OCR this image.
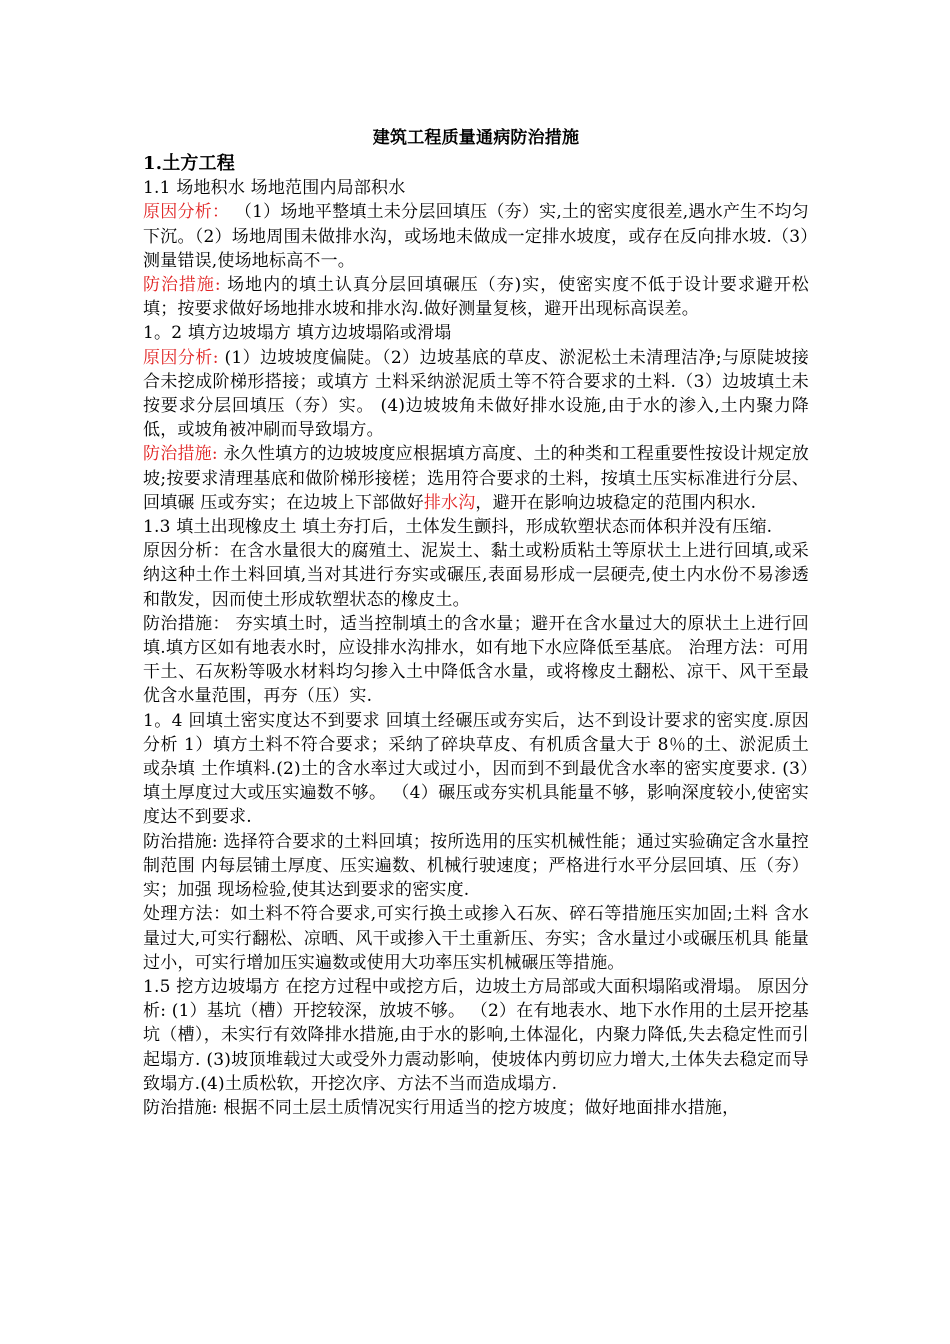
建筑工程质量通病防治措施

1.土方工程

1.1 场地积水 场地范围内局部积水

原因分析： （1）场地平整填土未分层回填压（夯）实,土的密实度很差,遇水产生不均匀下沉。（2）场地周围未做排水沟，或场地未做成一定排水坡度，或存在反向排水坡.（3）测量错误,使场地标高不一。

防治措施: 场地内的填土认真分层回填碾压（夯)实，使密实度不低于设计要求避开松填；按要求做好场地排水坡和排水沟.做好测量复核，避开出现标高误差。

1。2 填方边坡塌方 填方边坡塌陷或滑塌

原因分析: (1）边坡坡度偏陡。（2）边坡基底的草皮、淤泥松土未清理洁净;与原陡坡接合未挖成阶梯形搭接；或填方 土料采纳淤泥质土等不符合要求的土料.（3）边坡填土未按要求分层回填压（夯）实。 (4)边坡坡角未做好排水设施,由于水的渗入,土内聚力降低，或坡角被冲刷而导致塌方。

防治措施: 永久性填方的边坡坡度应根据填方高度、土的种类和工程重要性按设计规定放坡;按要求清理基底和做阶梯形接槎；选用符合要求的土料，按填土压实标准进行分层、回填碾 压或夯实；在边坡上下部做好排水沟，避开在影响边坡稳定的范围内积水.

1.3 填土出现橡皮土 填土夯打后，土体发生颤抖，形成软塑状态而体积并没有压缩.

原因分析：在含水量很大的腐殖土、泥炭土、黏土或粉质粘土等原状土上进行回填,或采纳这种土作土料回填,当对其进行夯实或碾压,表面易形成一层硬壳,使土内水份不易渗透和散发，因而使土形成软塑状态的橡皮土。

防治措施： 夯实填土时，适当控制填土的含水量；避开在含水量过大的原状土上进行回填.填方区如有地表水时，应设排水沟排水，如有地下水应降低至基底。 治理方法：可用干土、石灰粉等吸水材料均匀掺入土中降低含水量，或将橡皮土翻松、凉干、风干至最优含水量范围，再夯（压）实.

1。4 回填土密实度达不到要求 回填土经碾压或夯实后，达不到设计要求的密实度.原因分析 1）填方土料不符合要求；采纳了碎块草皮、有机质含量大于 8％的土、淤泥质土或杂填 土作填料.(2)土的含水率过大或过小，因而到不到最优含水率的密实度要求. (3）填土厚度过大或压实遍数不够。 （4）碾压或夯实机具能量不够，影响深度较小,使密实度达不到要求.

防治措施: 选择符合要求的土料回填；按所选用的压实机械性能；通过实验确定含水量控制范围 内每层铺土厚度、压实遍数、机械行驶速度；严格进行水平分层回填、压（夯）实；加强 现场检验,使其达到要求的密实度.

处理方法：如土料不符合要求,可实行换土或掺入石灰、碎石等措施压实加固;土料 含水量过大,可实行翻松、凉晒、风干或掺入干土重新压、夯实；含水量过小或碾压机具 能量过小，可实行增加压实遍数或使用大功率压实机械碾压等措施。

1.5 挖方边坡塌方 在挖方过程中或挖方后，边坡土方局部或大面积塌陷或滑塌。 原因分析: (1）基坑（槽）开挖较深，放坡不够。 （2）在有地表水、地下水作用的土层开挖基坑（槽），未实行有效降排水措施,由于水的影响,土体湿化，内聚力降低,失去稳定性而引起塌方. (3)坡顶堆载过大或受外力震动影响，使坡体内剪切应力增大,土体失去稳定而导致塌方.(4)土质松软，开挖次序、方法不当而造成塌方.

防治措施: 根据不同土层土质情况实行用适当的挖方坡度；做好地面排水措施，
